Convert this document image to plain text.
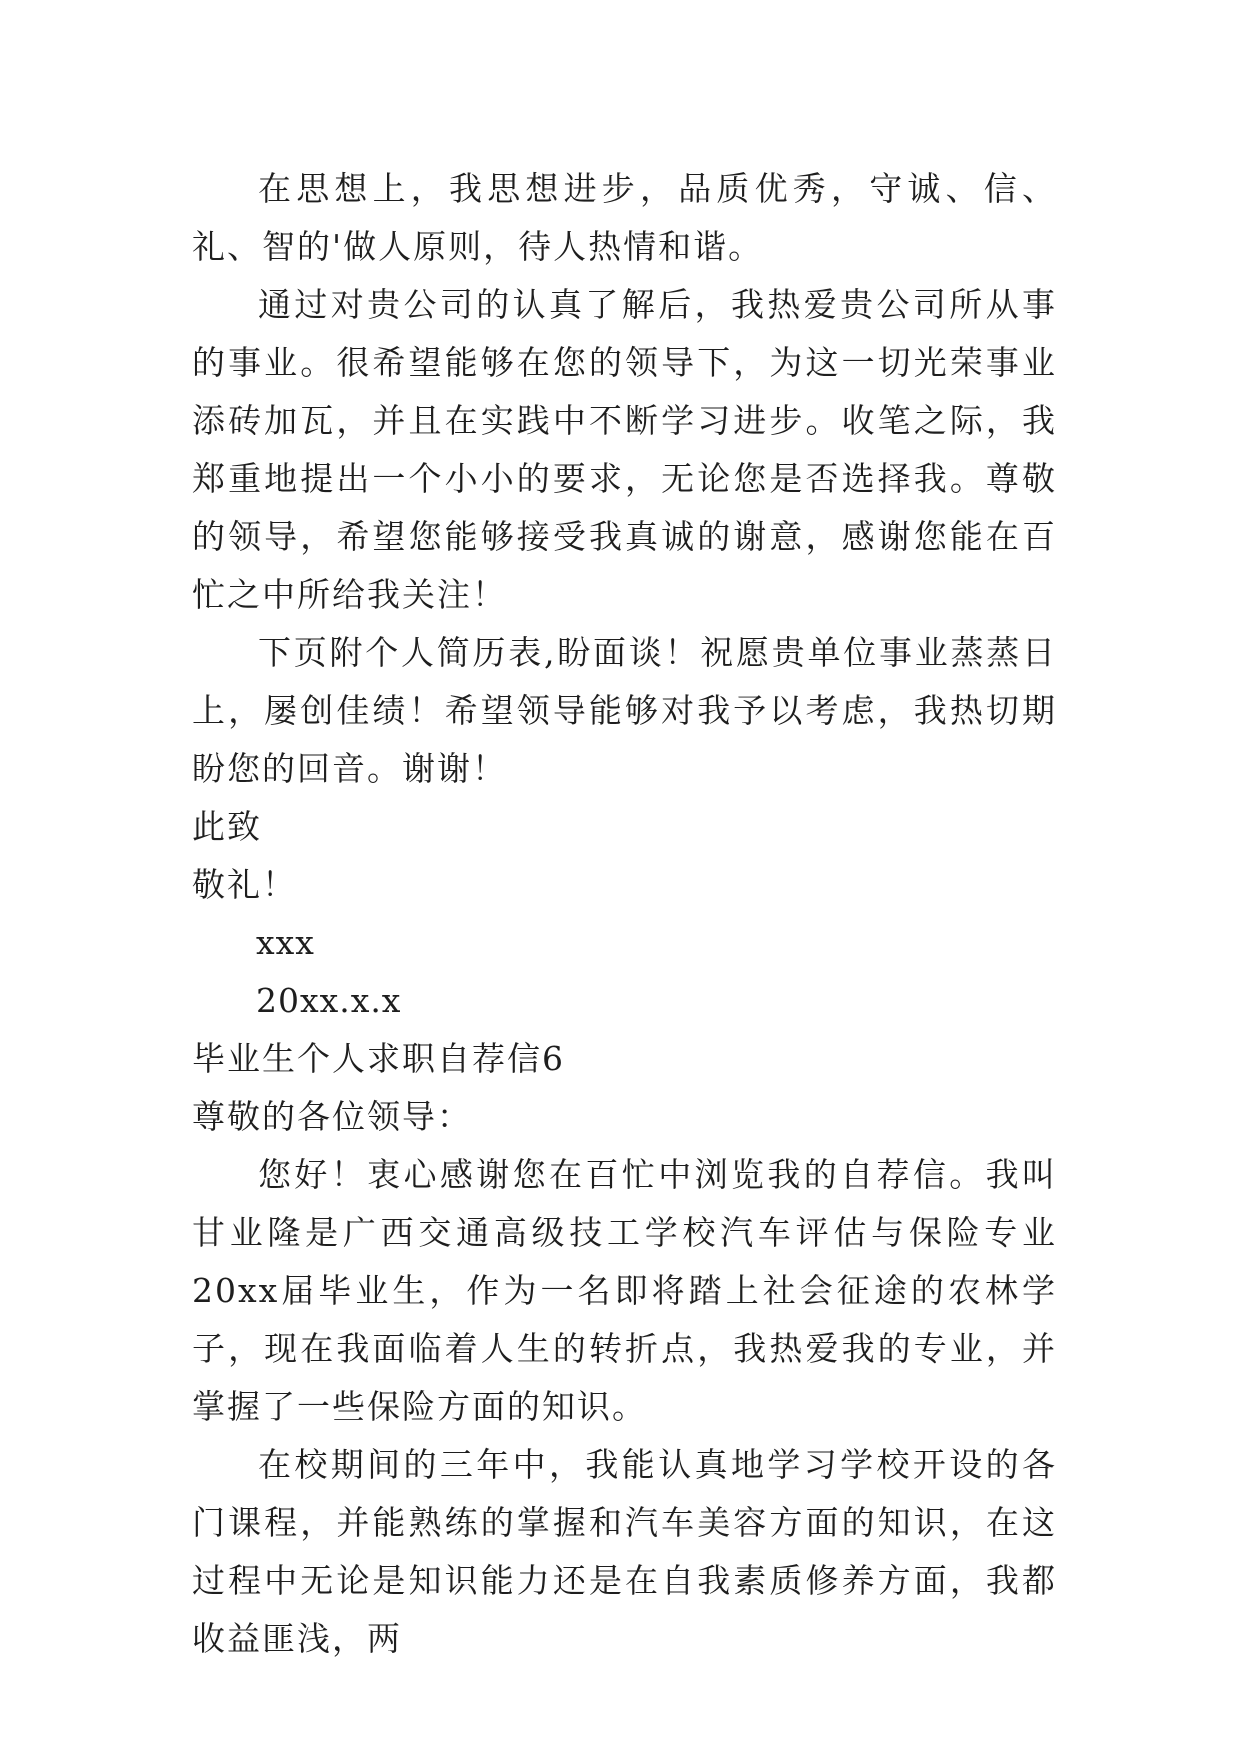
在思想上，我思想进步，品质优秀，守诚、信、礼、智的'做人原则，待人热情和谐。

通过对贵公司的认真了解后，我热爱贵公司所从事的事业。很希望能够在您的领导下，为这一切光荣事业添砖加瓦，并且在实践中不断学习进步。收笔之际，我郑重地提出一个小小的要求，无论您是否选择我。尊敬的领导，希望您能够接受我真诚的谢意，感谢您能在百忙之中所给我关注！

下页附个人简历表,盼面谈！祝愿贵单位事业蒸蒸日上，屡创佳绩！希望领导能够对我予以考虑，我热切期盼您的回音。谢谢！

此致

敬礼！

xxx

20xx.x.x

毕业生个人求职自荐信6

尊敬的各位领导：

您好！衷心感谢您在百忙中浏览我的自荐信。我叫甘业隆是广西交通高级技工学校汽车评估与保险专业20xx届毕业生，作为一名即将踏上社会征途的农林学子，现在我面临着人生的转折点，我热爱我的专业，并掌握了一些保险方面的知识。

在校期间的三年中，我能认真地学习学校开设的各门课程，并能熟练的掌握和汽车美容方面的知识，在这过程中无论是知识能力还是在自我素质修养方面，我都收益匪浅，两
